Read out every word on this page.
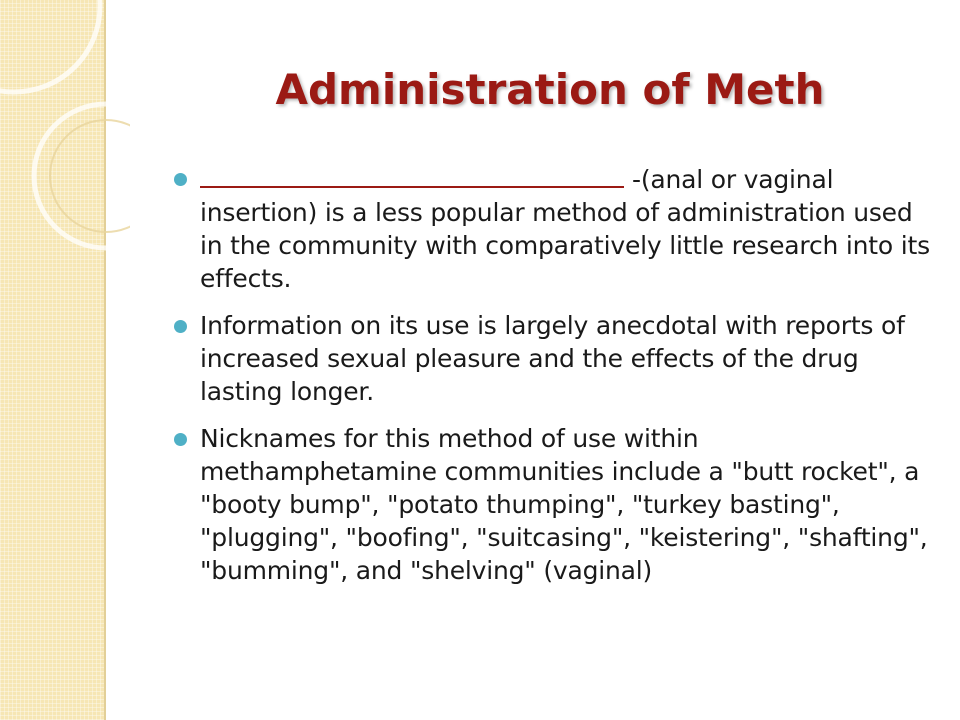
Administration of Meth
-(anal or vaginal insertion) is a less popular method of administration used in the community with comparatively little research into its effects.
Information on its use is largely anecdotal with reports of increased sexual pleasure and the effects of the drug lasting longer.
Nicknames for this method of use within methamphetamine communities include a "butt rocket", a "booty bump", "potato thumping", "turkey basting", "plugging", "boofing", "suitcasing", "keistering", "shafting", "bumming", and "shelving" (vaginal)
